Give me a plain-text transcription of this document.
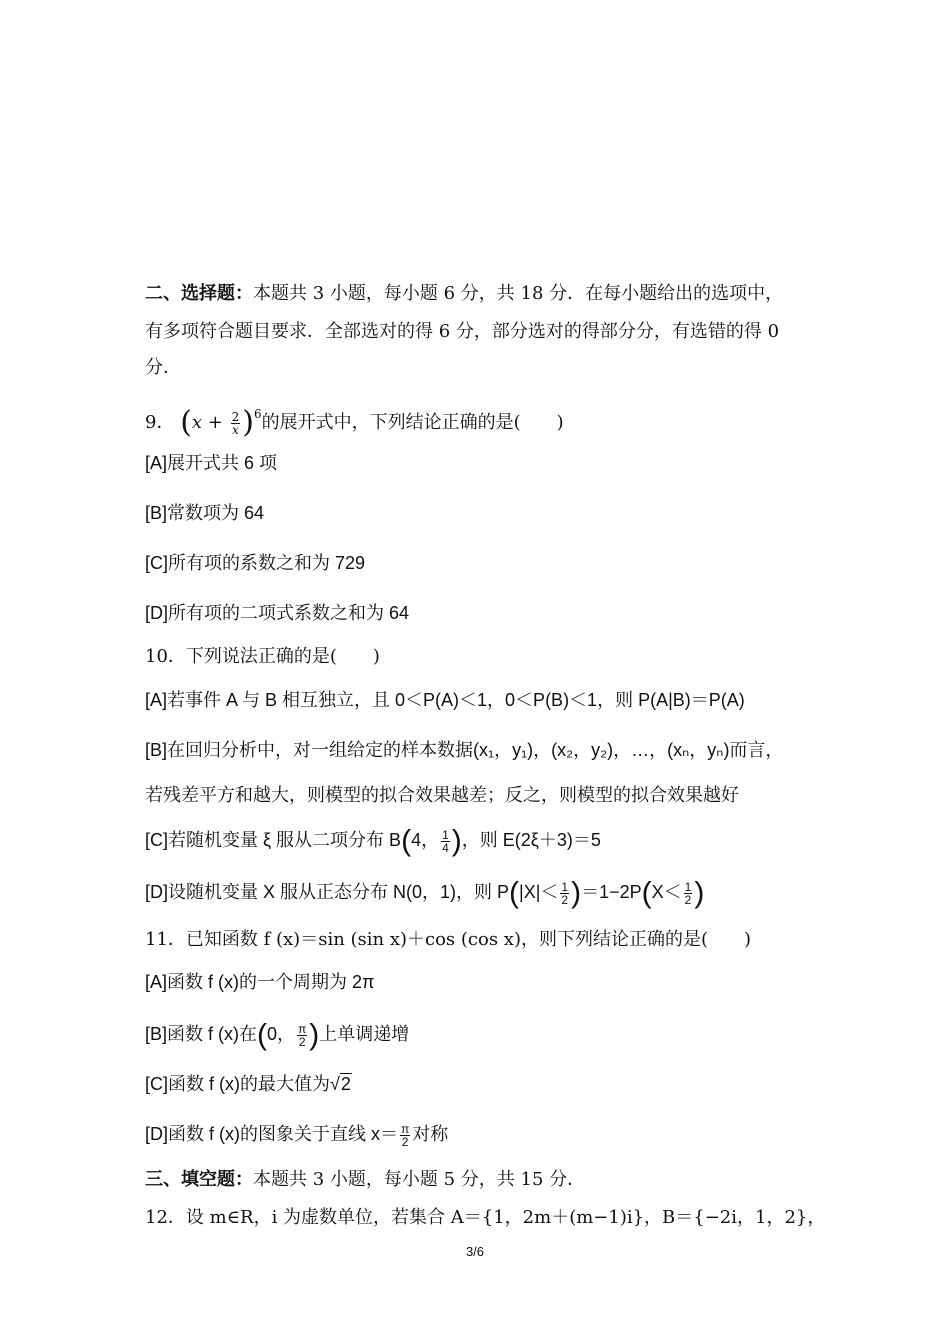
二、选择题：本题共 3 小题，每小题 6 分，共 18 分．在每小题给出的选项中，
有多项符合题目要求．全部选对的得 6 分，部分选对的得部分分，有选错的得 0
分．
9． $(x + \frac{2}{x} )^6$的展开式中，下列结论正确的是(　　)
[A]展开式共 6 项
[B]常数项为 64
[C]所有项的系数之和为 729
[D]所有项的二项式系数之和为 64
10．下列说法正确的是(　　)
[A]若事件 A 与 B 相互独立，且 0＜P(A)＜1，0＜P(B)＜1，则 P(A|B)＝P(A)
[B]在回归分析中，对一组给定的样本数据(x₁，y₁)，(x₂，y₂)，…，(xₙ，yₙ)而言，
若残差平方和越大，则模型的拟合效果越差；反之，则模型的拟合效果越好
[C]若随机变量 ξ 服从二项分布 B(4， $\frac{1}{4}$ )，则 E(2ξ＋3)＝5
[D]设随机变量 X 服从正态分布 N(0，1)，则 $P(|X|< \frac{1}{2} )=1-2P(X< \frac{1}{2}$ )
11．已知函数 f (x)＝sin (sin x)＋cos (cos x)，则下列结论正确的是(　　)
[A]函数 f (x)的一个周期为 2π
[B]函数 f (x)在(0， $\frac{\pi}{2}$ )上单调递增
[C]函数 f (x)的最大值为√2
[D]函数 f (x)的图象关于直线 $x= \frac{\pi}{2}$ 对称
三、填空题：本题共 3 小题，每小题 5 分，共 15 分．
12．设 m∈R，i 为虚数单位，若集合 A＝{1，2m＋(m−1)i}，B＝{−2i，1，2}，
3/6
